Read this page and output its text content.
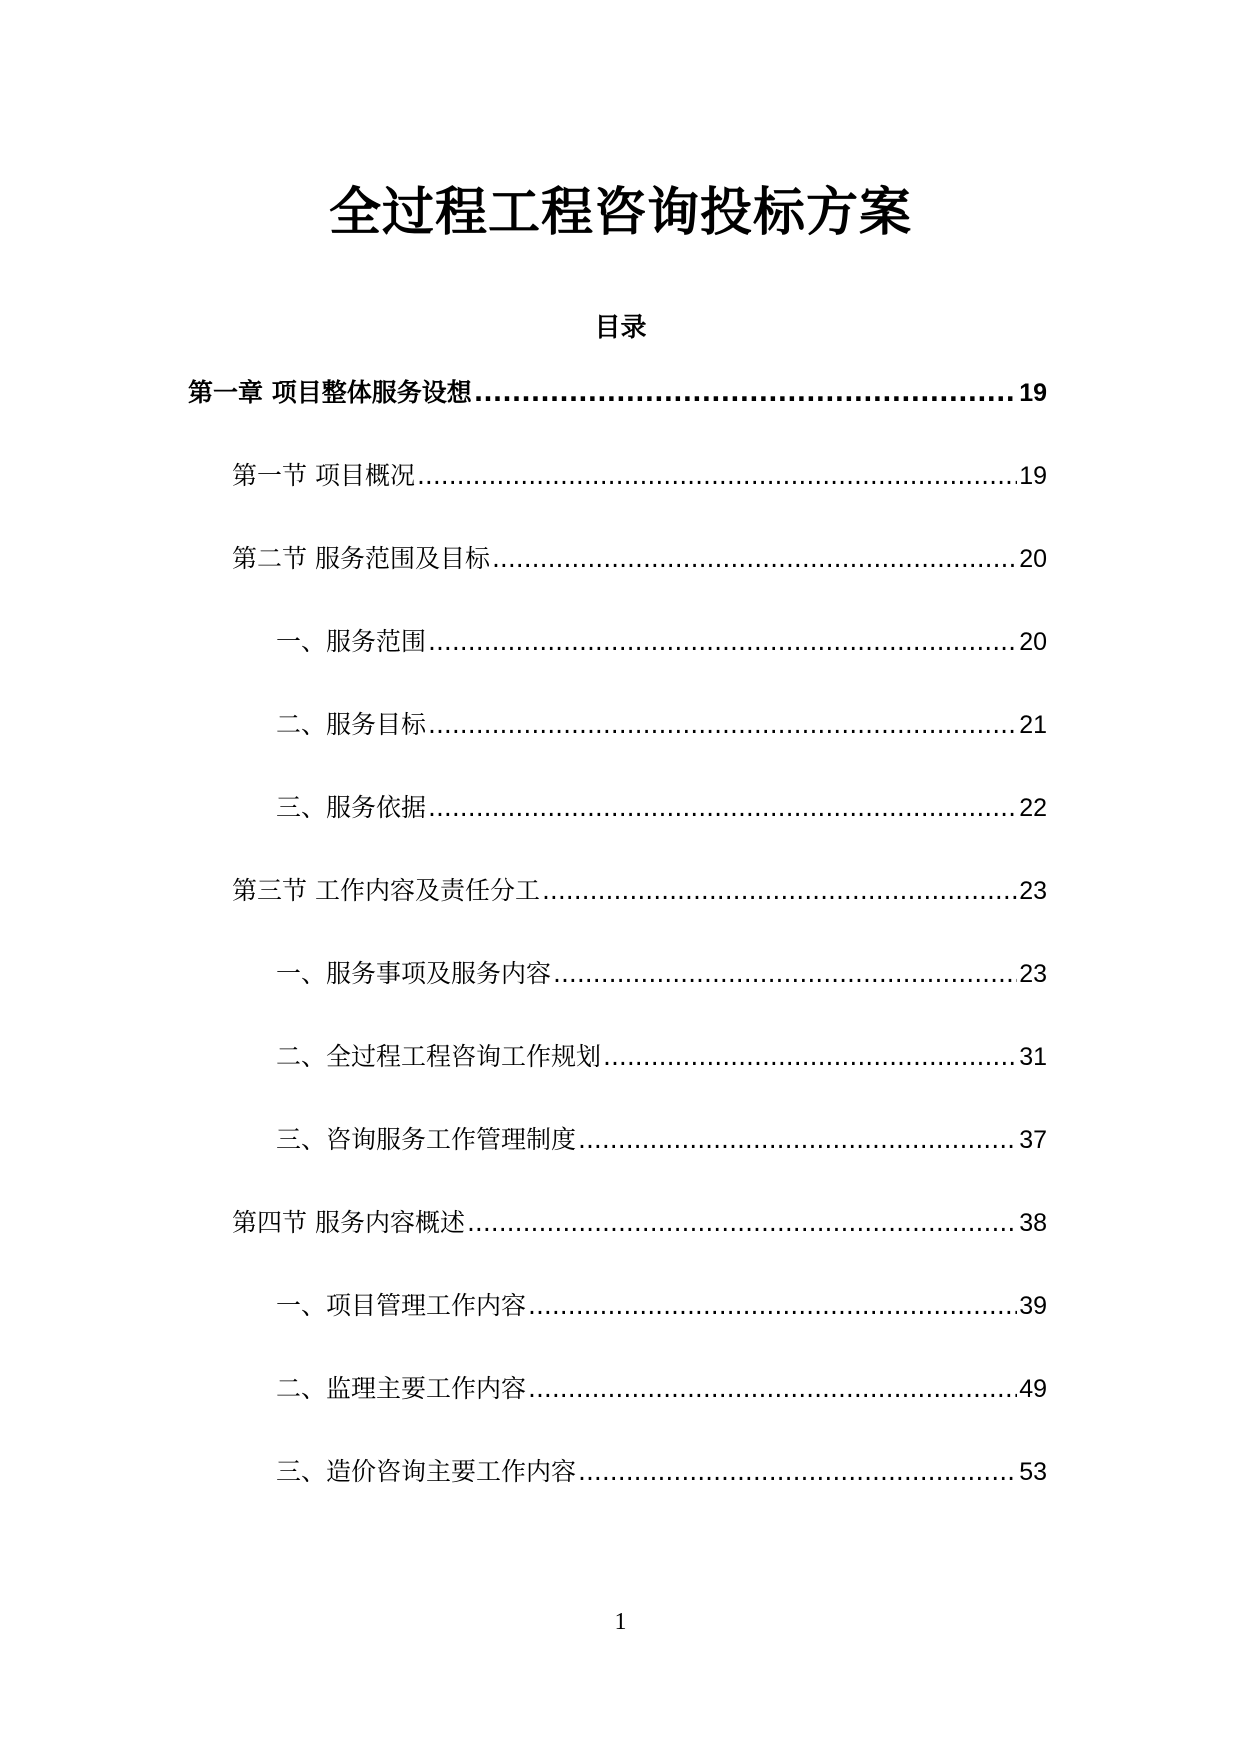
全过程工程咨询投标方案
目录
第一章 项目整体服务设想 .....	19
第一节 项目概况 .....	19
第二节 服务范围及目标 .....	20
一、服务范围 .....	20
二、服务目标 .....	21
三、服务依据 .....	22
第三节 工作内容及责任分工 .....	23
一、服务事项及服务内容 .....	23
二、全过程工程咨询工作规划 .....	31
三、咨询服务工作管理制度 .....	37
第四节 服务内容概述 .....	38
一、项目管理工作内容 .....	39
二、监理主要工作内容 .....	49
三、造价咨询主要工作内容 .....	53
1
